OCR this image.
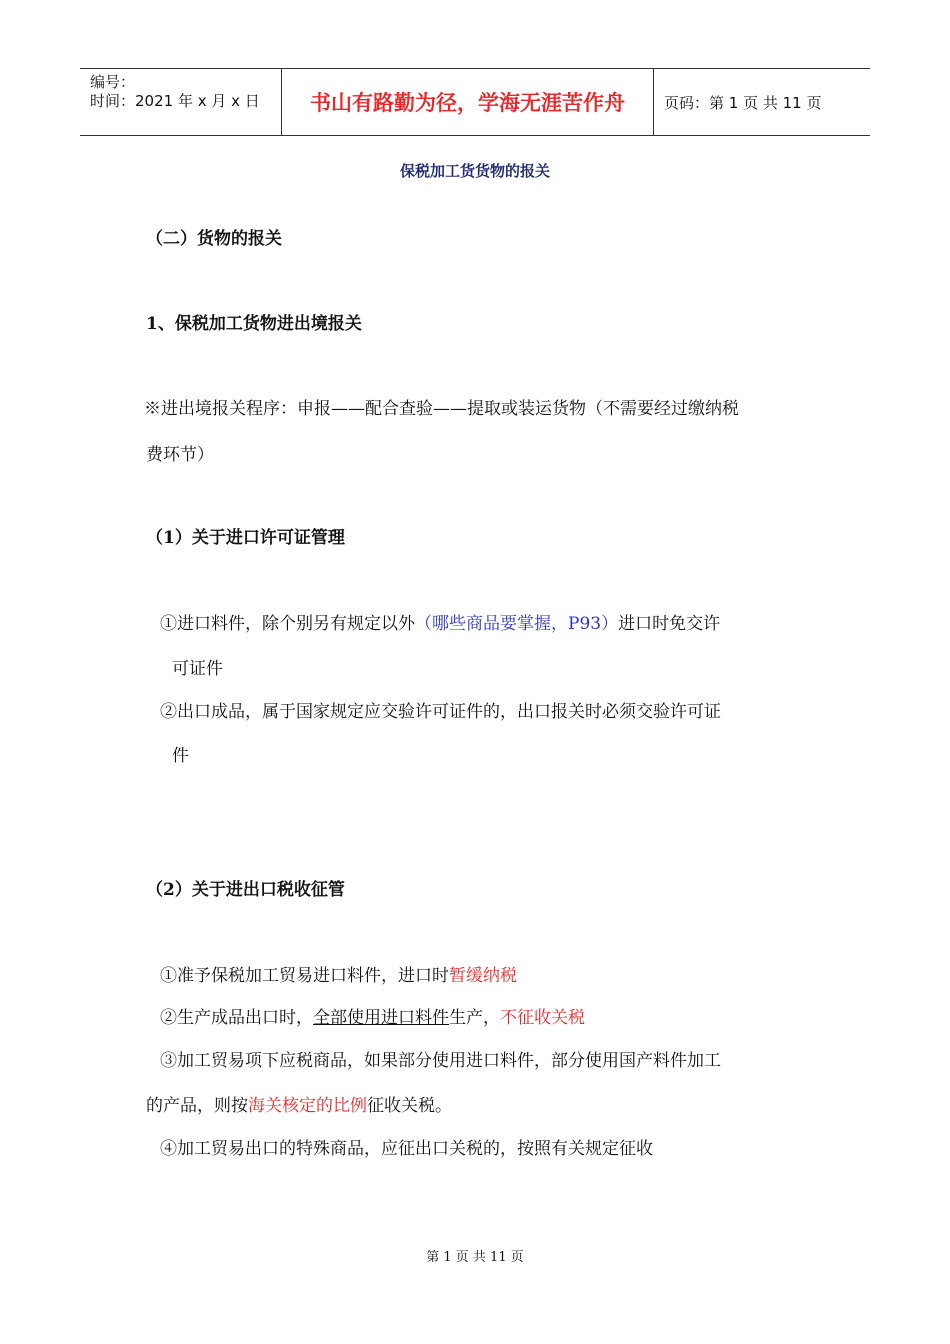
编号：
时间：2021 年 x 月 x 日	书山有路勤为径，学海无涯苦作舟	页码：第 1 页 共 11 页
保税加工货货物的报关
（二）货物的报关
1、保税加工货物进出境报关
※进出境报关程序：申报——配合查验——提取或装运货物（不需要经过缴纳税
费环节）
（1）关于进口许可证管理
①进口料件，除个别另有规定以外（哪些商品要掌握，P93）进口时免交许
可证件
②出口成品，属于国家规定应交验许可证件的，出口报关时必须交验许可证
件
（2）关于进出口税收征管
①准予保税加工贸易进口料件，进口时暂缓纳税
②生产成品出口时，全部使用进口料件生产，不征收关税
③加工贸易项下应税商品，如果部分使用进口料件，部分使用国产料件加工
的产品，则按海关核定的比例征收关税。
④加工贸易出口的特殊商品，应征出口关税的，按照有关规定征收
第 1 页 共 11 页
